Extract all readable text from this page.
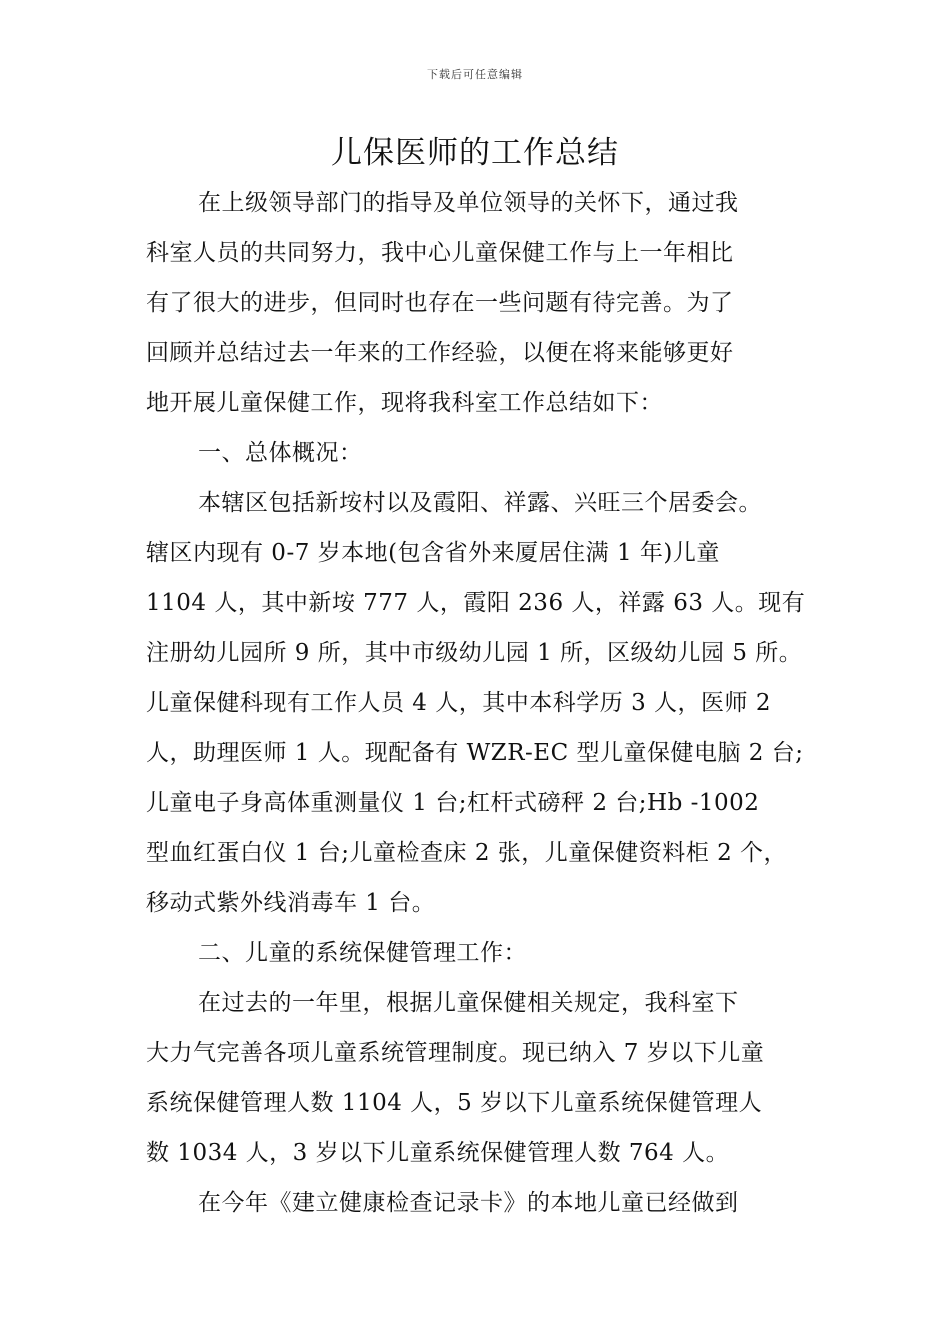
下载后可任意编辑
儿保医师的工作总结
在上级领导部门的指导及单位领导的关怀下，通过我
科室人员的共同努力，我中心儿童保健工作与上一年相比
有了很大的进步，但同时也存在一些问题有待完善。为了
回顾并总结过去一年来的工作经验，以便在将来能够更好
地开展儿童保健工作，现将我科室工作总结如下：
一、总体概况：
本辖区包括新垵村以及霞阳、祥露、兴旺三个居委会。
辖区内现有 0-7 岁本地(包含省外来厦居住满 1 年)儿童
1104 人，其中新垵 777 人，霞阳 236 人，祥露 63 人。现有
注册幼儿园所 9 所，其中市级幼儿园 1 所，区级幼儿园 5 所。
儿童保健科现有工作人员 4 人，其中本科学历 3 人，医师 2
人，助理医师 1 人。现配备有 WZR-EC 型儿童保健电脑 2 台;
儿童电子身高体重测量仪 1 台;杠杆式磅秤 2 台;Hb -1002
型血红蛋白仪 1 台;儿童检查床 2 张，儿童保健资料柜 2 个，
移动式紫外线消毒车 1 台。
二、儿童的系统保健管理工作：
在过去的一年里，根据儿童保健相关规定，我科室下
大力气完善各项儿童系统管理制度。现已纳入 7 岁以下儿童
系统保健管理人数 1104 人，5 岁以下儿童系统保健管理人
数 1034 人，3 岁以下儿童系统保健管理人数 764 人。
在今年《建立健康检查记录卡》的本地儿童已经做到
